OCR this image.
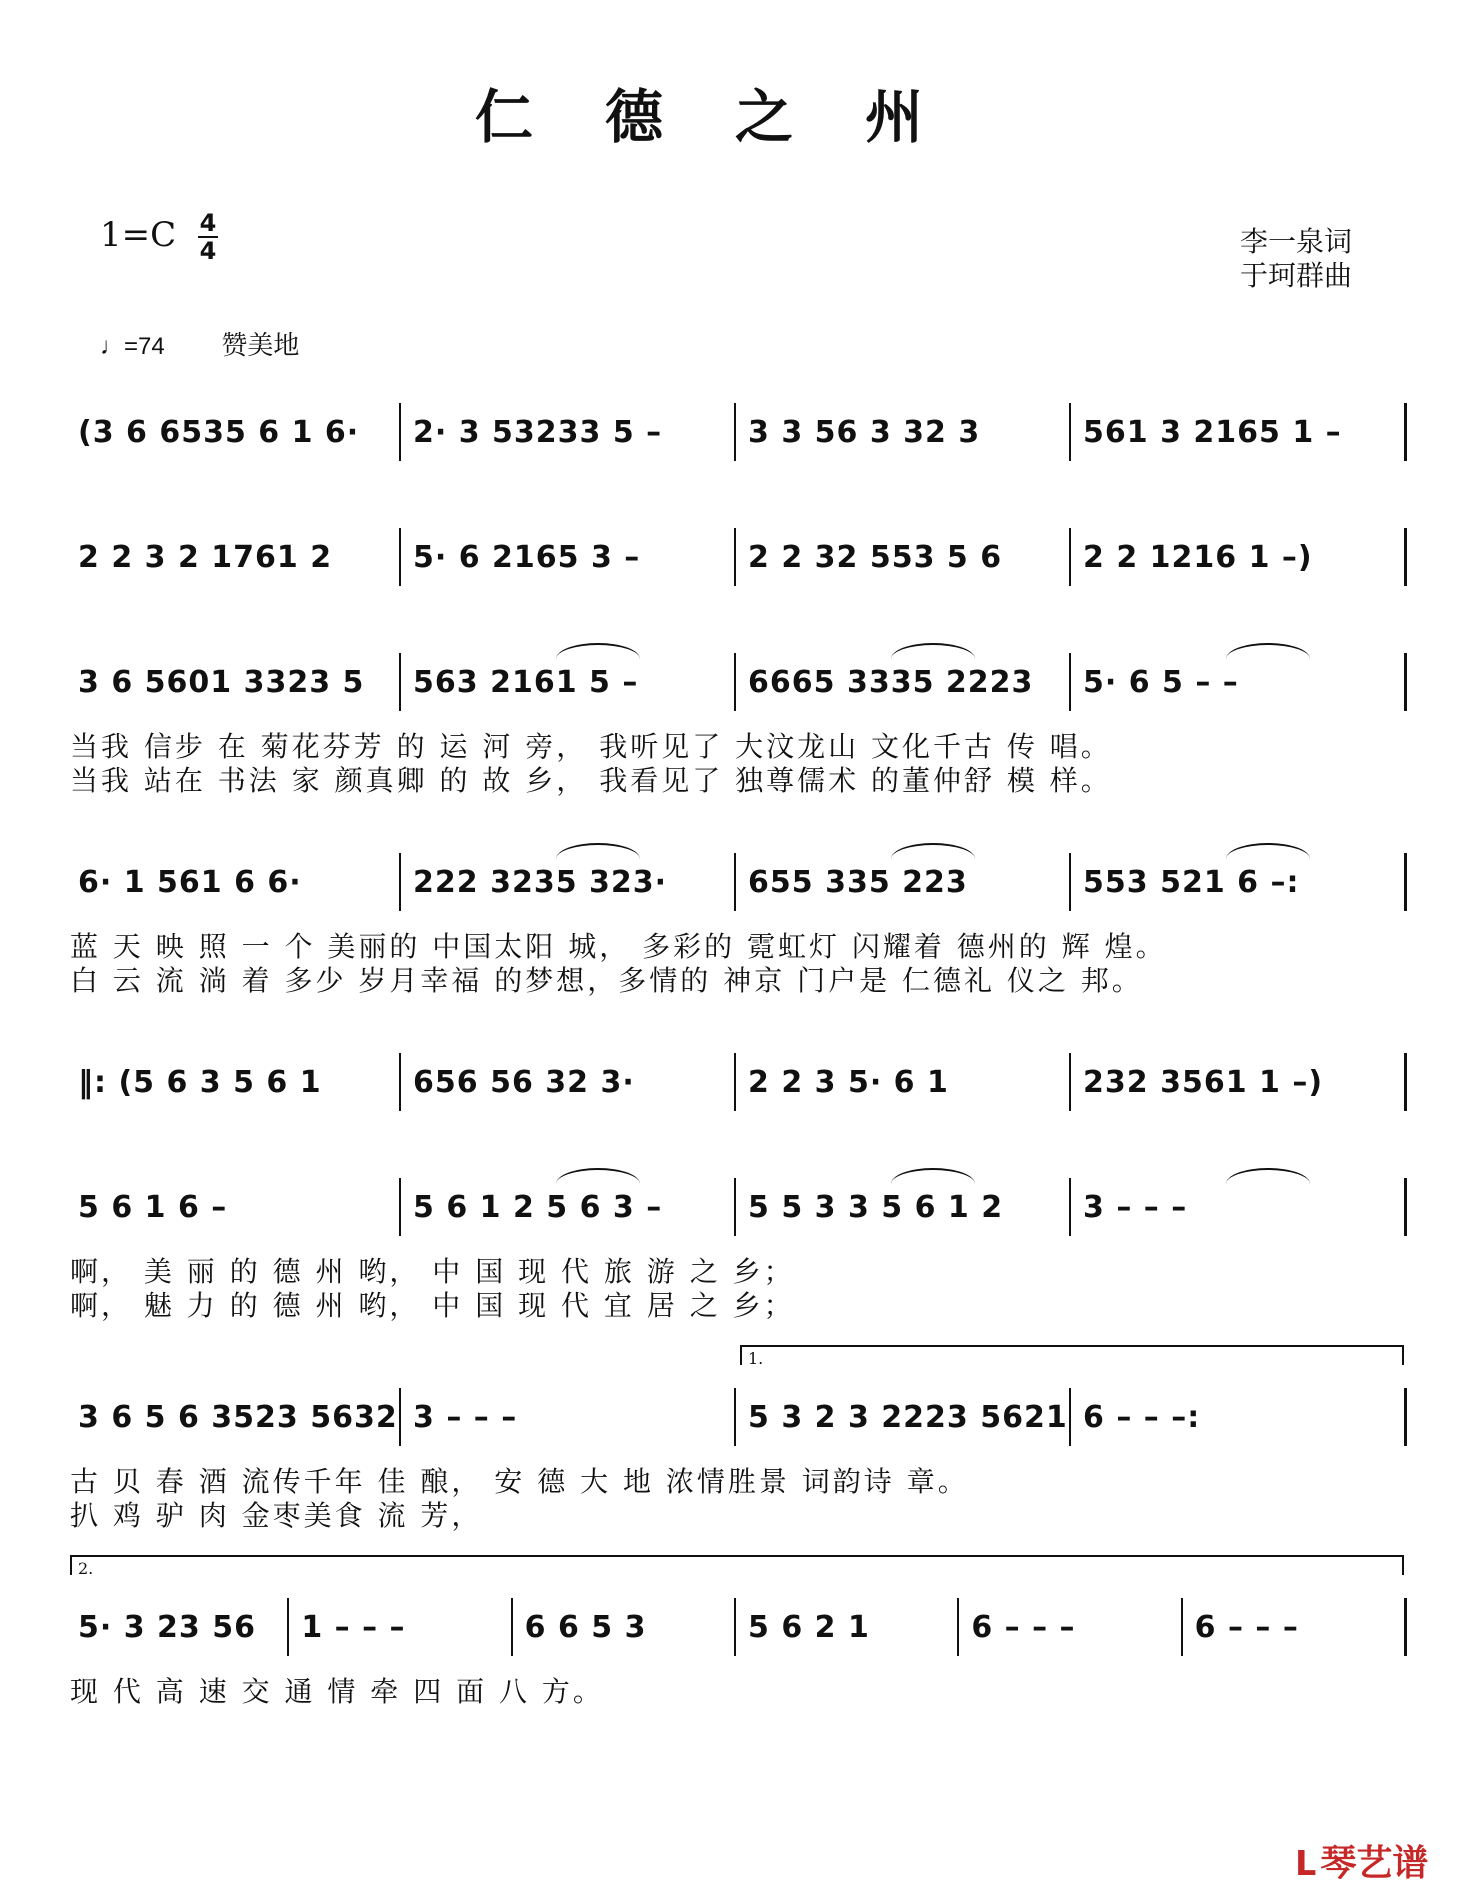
仁德之州
1=C 4
4	李一泉词
于珂群曲
♩=74 赞美地
(3 6 6535 6 1 6· 2· 3 53233 5 –	3 3 56 3 32 3	561 3 2165 1 –
2 2 3 2 1761 2	5· 6 2165 3 –	2 2 32 553 5 6	2 2 1216 1 –)
3 6 5601 3323 5 563 2161 5 –	6665 3335 2223 5· 6 5 – –
当我 信步 在 菊花芬芳 的 运 河 旁， 我听见了 大汶龙山 文化千古 传 唱。
当我 站在 书法 家 颜真卿 的 故 乡， 我看见了 独尊儒术 的董仲舒 模 样。
6· 1 561 6 6·	222 3235 323·	655 335 223	553 521 6 –:
蓝 天 映 照 一 个 美丽的 中国太阳 城， 多彩的 霓虹灯 闪耀着 德州的 辉 煌。
白 云 流 淌 着 多少 岁月幸福 的梦想，多情的 神京 门户是 仁德礼 仪之 邦。
‖: (5 6 3 5 6 1	656 56 32 3·	2 2 3 5· 6 1	232 3561 1 –)
5 6 1 6 –	5 6 1 2 5 6 3 –	5 5 3 3 5 6 1 2	3 – – –
啊， 美 丽 的 德 州 哟， 中 国 现 代 旅 游 之 乡；
啊， 魅 力 的 德 州 哟， 中 国 现 代 宜 居 之 乡；
3 6 5 6 3523 5632 3 – – –	5 3 2 3 2223 5621 6 – – –:
1.
古 贝 春 酒 流传千年 佳 酿， 安 德 大 地 浓情胜景 词韵诗 章。
扒 鸡 驴 肉 金枣美食 流 芳，
5· 3 23 56 1 – – –	6 6 5 3	5 6 2 1	6 – – –	6 – – –
2.
现 代 高 速 交 通 情 牵 四 面 八 方。
ᒪ 琴艺谱
